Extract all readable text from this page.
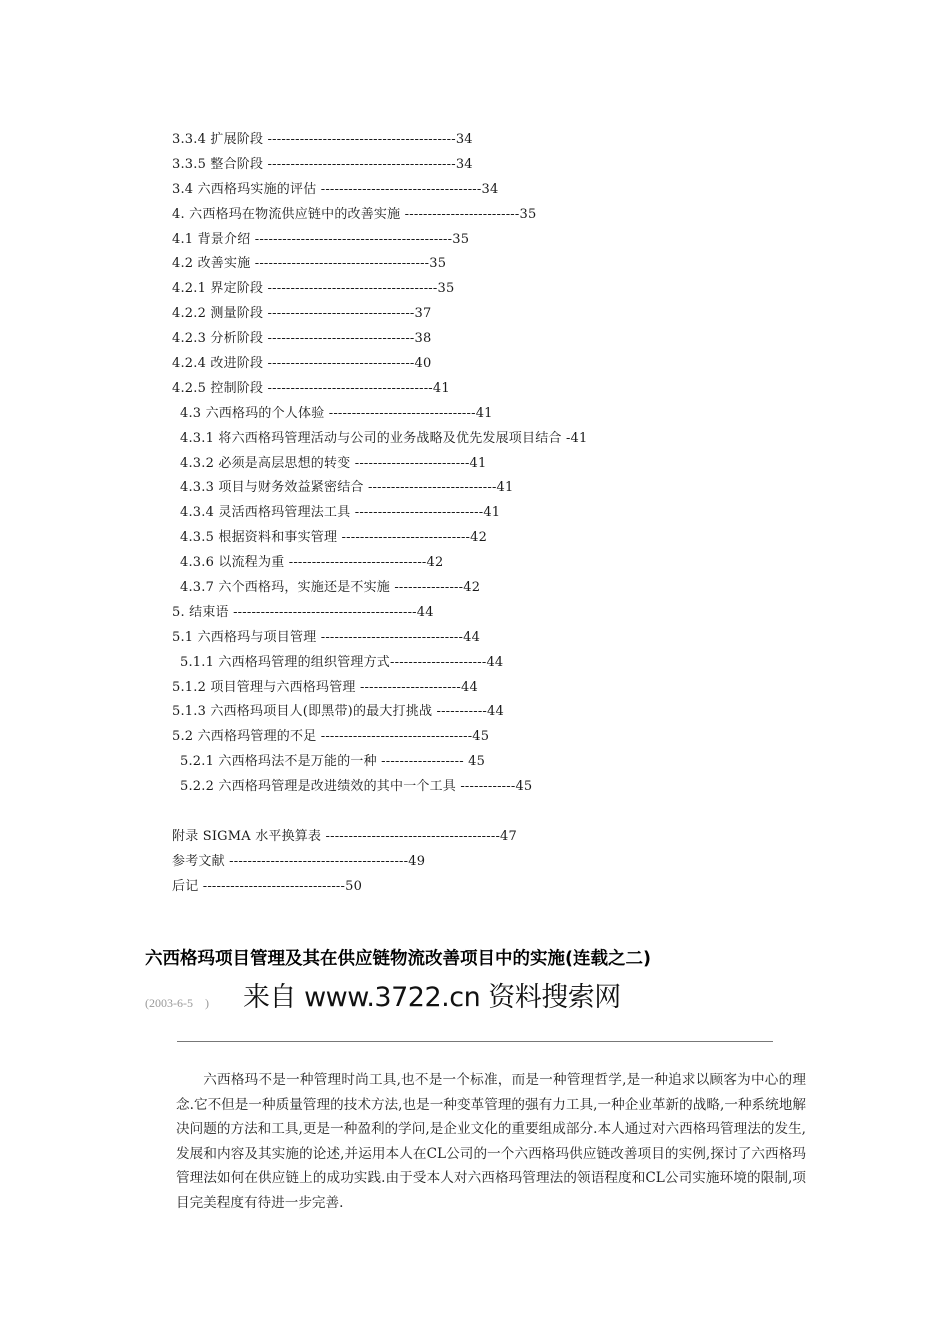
3.3.4 扩展阶段 -----------------------------------------34
3.3.5 整合阶段 -----------------------------------------34
3.4 六西格玛实施的评估 -----------------------------------34
4. 六西格玛在物流供应链中的改善实施 -------------------------35
4.1 背景介绍 -------------------------------------------35
4.2 改善实施 --------------------------------------35
4.2.1 界定阶段 -------------------------------------35
4.2.2 测量阶段 --------------------------------37
4.2.3 分析阶段 --------------------------------38
4.2.4 改进阶段 --------------------------------40
4.2.5 控制阶段 ------------------------------------41
4.3 六西格玛的个人体验 --------------------------------41
4.3.1 将六西格玛管理活动与公司的业务战略及优先发展项目结合 -41
4.3.2 必须是高层思想的转变 -------------------------41
4.3.3 项目与财务效益紧密结合 ----------------------------41
4.3.4 灵活西格玛管理法工具 ----------------------------41
4.3.5 根据资料和事实管理 ----------------------------42
4.3.6 以流程为重 ------------------------------42
4.3.7 六个西格玛，实施还是不实施 ---------------42
5. 结束语 ----------------------------------------44
5.1 六西格玛与项目管理 -------------------------------44
5.1.1 六西格玛管理的组织管理方式---------------------44
5.1.2 项目管理与六西格玛管理 ----------------------44
5.1.3 六西格玛项目人(即黑带)的最大打挑战 -----------44
5.2 六西格玛管理的不足 ---------------------------------45
5.2.1 六西格玛法不是万能的一种 ------------------ 45
5.2.2 六西格玛管理是改进绩效的其中一个工具 ------------45
附录 SIGMA 水平换算表 --------------------------------------47
参考文献 ---------------------------------------49
后记 -------------------------------50
六西格玛项目管理及其在供应链物流改善项目中的实施(连载之二)
(2003-6-5　) 来自 www.3722.cn 资料搜索网

六西格玛不是一种管理时尚工具,也不是一个标准，而是一种管理哲学,是一种追求以顾客为中心的理念.它不但是一种质量管理的技术方法,也是一种变革管理的强有力工具,一种企业革新的战略,一种系统地解决问题的方法和工具,更是一种盈利的学问,是企业文化的重要组成部分.本人通过对六西格玛管理法的发生,发展和内容及其实施的论述,并运用本人在CL公司的一个六西格玛供应链改善项目的实例,探讨了六西格玛管理法如何在供应链上的成功实践.由于受本人对六西格玛管理法的领语程度和CL公司实施环境的限制,项目完美程度有待进一步完善.
